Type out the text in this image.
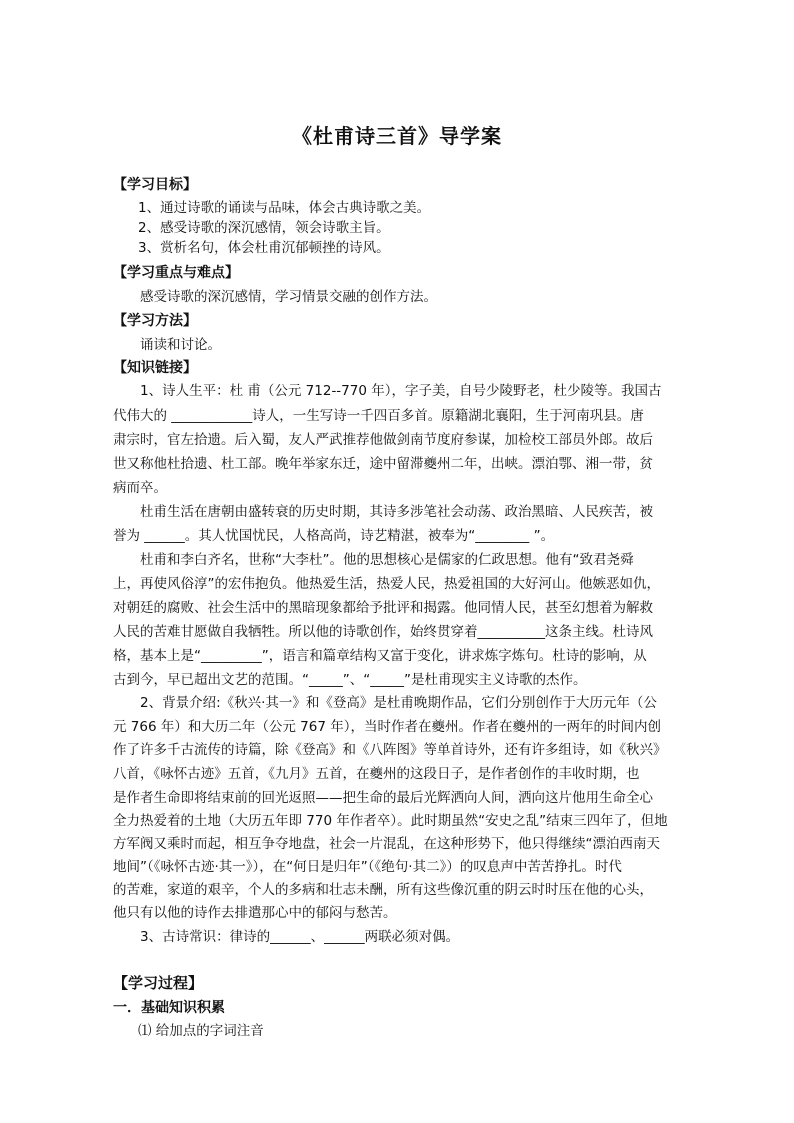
《杜甫诗三首》导学案
【学习目标】
1、通过诗歌的诵读与品味，体会古典诗歌之美。
2、感受诗歌的深沉感情，领会诗歌主旨。
3、赏析名句，体会杜甫沉郁顿挫的诗风。
【学习重点与难点】
感受诗歌的深沉感情，学习情景交融的创作方法。
【学习方法】
诵读和讨论。
【知识链接】
1、诗人生平：杜 甫（公元 712--770 年），字子美，自号少陵野老，杜少陵等。我国古
代伟大的 ____________诗人，一生写诗一千四百多首。原籍湖北襄阳，生于河南巩县。唐
肃宗时，官左拾遗。后入蜀，友人严武推荐他做剑南节度府参谋，加检校工部员外郎。故后
世又称他杜拾遗、杜工部。晚年举家东迁，途中留滞夔州二年，出峡。漂泊鄂、湘一带，贫
病而卒。
杜甫生活在唐朝由盛转衰的历史时期，其诗多涉笔社会动荡、政治黑暗、人民疾苦，被
誉为 ______。其人忧国忧民，人格高尚，诗艺精湛，被奉为“________ ”。
杜甫和李白齐名，世称“大李杜”。他的思想核心是儒家的仁政思想。他有“致君尧舜
上，再使风俗淳”的宏伟抱负。他热爱生活，热爱人民，热爱祖国的大好河山。他嫉恶如仇，
对朝廷的腐败、社会生活中的黑暗现象都给予批评和揭露。他同情人民，甚至幻想着为解救
人民的苦难甘愿做自我牺牲。所以他的诗歌创作，始终贯穿着__________这条主线。杜诗风
格，基本上是“_________”，语言和篇章结构又富于变化，讲求炼字炼句。杜诗的影响，从
古到今，早已超出文艺的范围。“_____”、“_____”是杜甫现实主义诗歌的杰作。
2、背景介绍:《秋兴·其一》和《登高》是杜甫晚期作品，它们分别创作于大历元年（公
元 766 年）和大历二年（公元 767 年），当时作者在夔州。作者在夔州的一两年的时间内创
作了许多千古流传的诗篇，除《登高》和《八阵图》等单首诗外，还有许多组诗，如《秋兴》
八首，《咏怀古迹》五首，《九月》五首，在夔州的这段日子，是作者创作的丰收时期，也
是作者生命即将结束前的回光返照——把生命的最后光辉洒向人间，洒向这片他用生命全心
全力热爱着的土地（大历五年即 770 年作者卒）。此时期虽然“安史之乱”结束三四年了，但地
方军阀又乘时而起，相互争夺地盘，社会一片混乱，在这种形势下，他只得继续“漂泊西南天
地间”（《咏怀古迹·其一》），在“何日是归年”（《绝句·其二》）的叹息声中苦苦挣扎。时代
的苦难，家道的艰辛，个人的多病和壮志未酬，所有这些像沉重的阴云时时压在他的心头，
他只有以他的诗作去排遣那心中的郁闷与愁苦。
3、古诗常识：律诗的______、______两联必须对偶。
【学习过程】
一．基础知识积累
⑴ 给加点的字词注音
